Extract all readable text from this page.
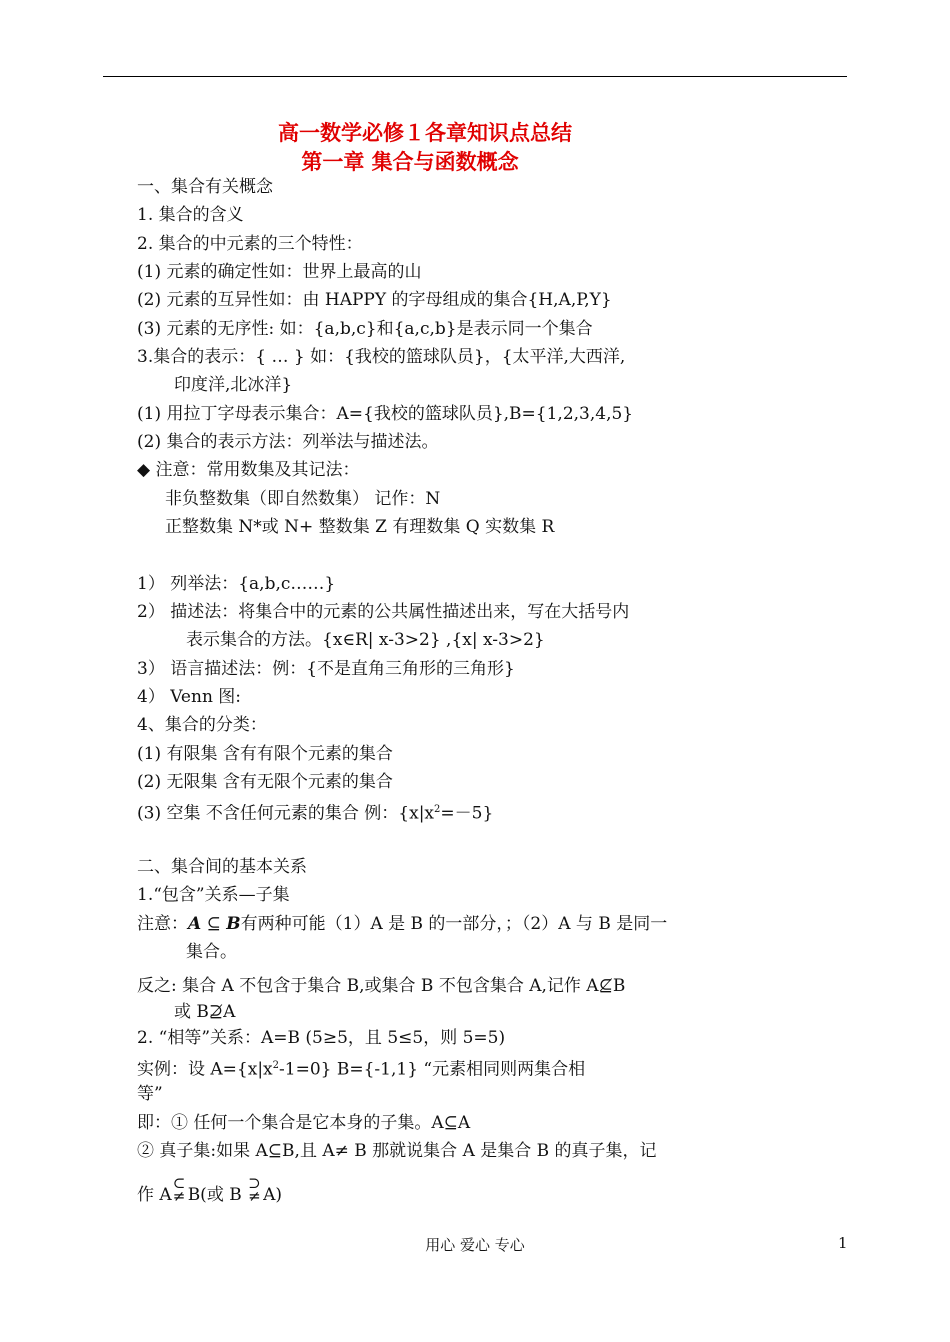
高一数学必修１各章知识点总结
第一章 集合与函数概念
一、集合有关概念
1. 集合的含义
2. 集合的中元素的三个特性：
(1) 元素的确定性如：世界上最高的山
(2) 元素的互异性如：由 HAPPY 的字母组成的集合{H,A,P,Y}
(3) 元素的无序性: 如：{a,b,c}和{a,c,b}是表示同一个集合
3.集合的表示：{ … } 如：{我校的篮球队员}，{太平洋,大西洋,
印度洋,北冰洋}
(1) 用拉丁字母表示集合：A={我校的篮球队员},B={1,2,3,4,5}
(2) 集合的表示方法：列举法与描述法。
◆ 注意：常用数集及其记法：
非负整数集（即自然数集） 记作：N
正整数集 N*或 N+ 整数集 Z 有理数集 Q 实数集 R
1） 列举法：{a,b,c……}
2） 描述法：将集合中的元素的公共属性描述出来，写在大括号内
表示集合的方法。{x∈R| x-3>2} ,{x| x-3>2}
3） 语言描述法：例：{不是直角三角形的三角形}
4） Venn 图:
4、集合的分类：
(1) 有限集 含有有限个元素的集合
(2) 无限集 含有无限个元素的集合
(3) 空集 不含任何元素的集合 例：$\{x|x^2=-5\}$
二、集合间的基本关系
1.“包含”关系—子集
注意：A ⊆ B有两种可能（1）A 是 B 的一部分，；（2）A 与 B 是同一
集合。
反之: 集合 A 不包含于集合 B,或集合 B 不包含集合 A,记作 A⊈B
或 B⊉A
2. “相等”关系：A=B (5≥5，且 5≤5，则 5=5)
实例：设 $A=\{x|x^2-1=0\}$ B={-1,1} “元素相同则两集合相
等”
即：① 任何一个集合是它本身的子集。A⊆A
② 真子集:如果 A⊆B,且 A≠ B 那就说集合 A 是集合 B 的真子集，记
作 A
⊂
≠ B(或 B
⊃
≠ A)
用心 爱心 专心	1
